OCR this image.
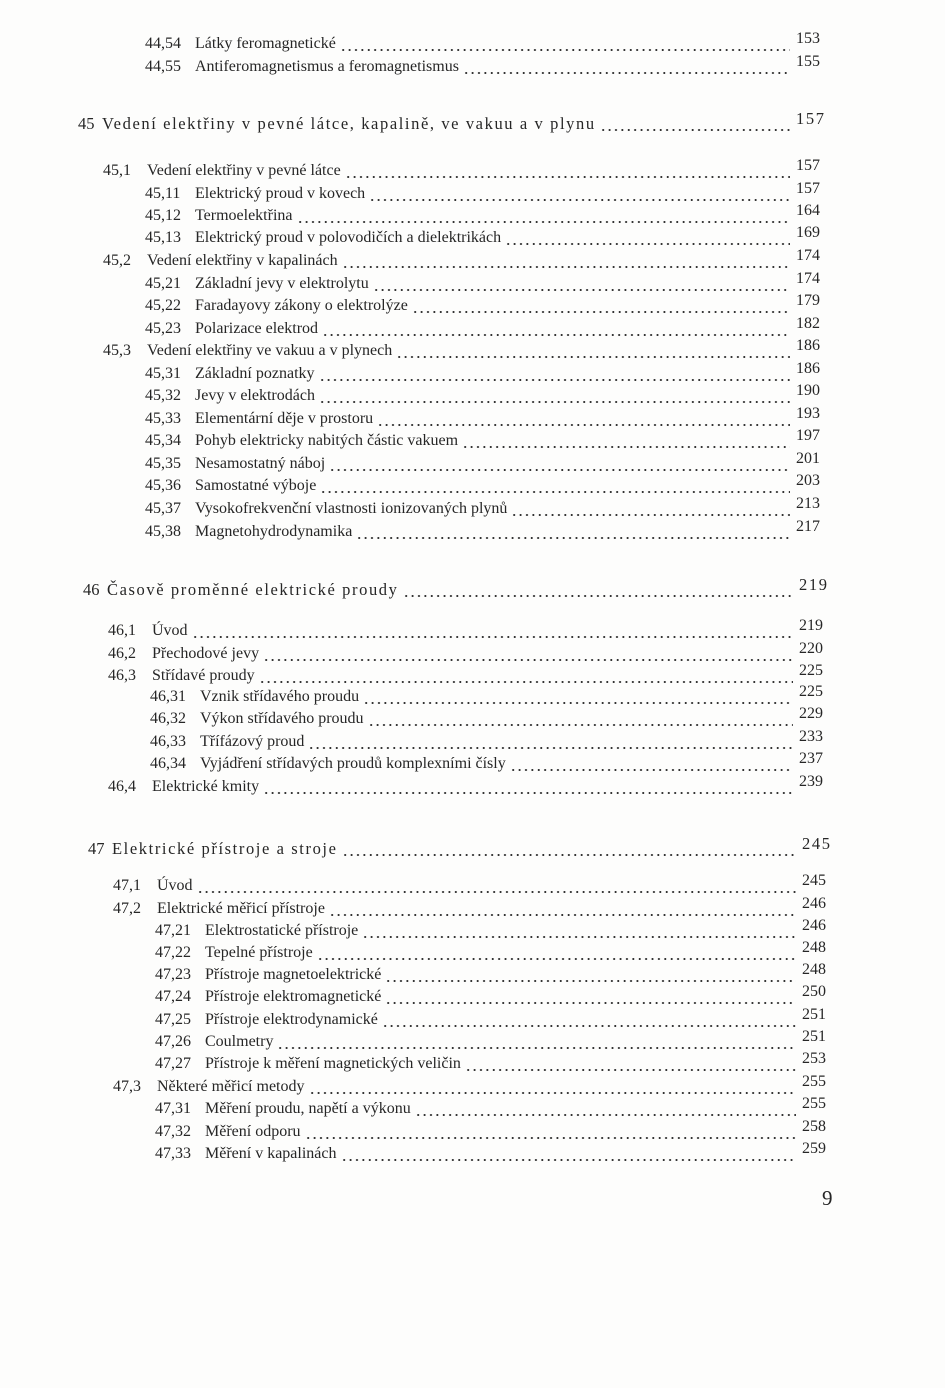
44,54 Látky feromagnetické	153
44,55 Antiferomagnetismus a feromagnetismus	155
45 Vedení elektřiny v pevné látce, kapalině, ve vakuu a v plynu	157
45,1	Vedení elektřiny v pevné látce	157
45,11 Elektrický proud v kovech	157
45,12 Termoelektřina	164
45,13 Elektrický proud v polovodičích a dielektrikách	169
45,2	Vedení elektřiny v kapalinách	174
45,21 Základní jevy v elektrolytu	174
45,22 Faradayovy zákony o elektrolýze	179
45,23 Polarizace elektrod	182
45,3	Vedení elektřiny ve vakuu a v plynech	186
45,31 Základní poznatky	186
45,32 Jevy v elektrodách	190
45,33 Elementární děje v prostoru	193
45,34 Pohyb elektricky nabitých částic vakuem	197
45,35 Nesamostatný náboj	201
45,36 Samostatné výboje	203
45,37 Vysokofrekvenční vlastnosti ionizovaných plynů	213
45,38 Magnetohydrodynamika	217
46 Časově proměnné elektrické proudy	219
46,1	Úvod	219
46,2	Přechodové jevy	220
46,3	Střídavé proudy	225
46,31 Vznik střídavého proudu	225
46,32 Výkon střídavého proudu	229
46,33 Třífázový proud	233
46,34 Vyjádření střídavých proudů komplexními čísly	237
46,4	Elektrické kmity	239
47 Elektrické přístroje a stroje	245
47,1	Úvod	245
47,2	Elektrické měřicí přístroje	246
47,21 Elektrostatické přístroje	246
47,22 Tepelné přístroje	248
47,23 Přístroje magnetoelektrické	248
47,24 Přístroje elektromagnetické	250
47,25 Přístroje elektrodynamické	251
47,26 Coulmetry	251
47,27 Přístroje k měření magnetických veličin	253
47,3	Některé měřicí metody	255
47,31 Měření proudu, napětí a výkonu	255
47,32 Měření odporu	258
47,33 Měření v kapalinách	259
9
